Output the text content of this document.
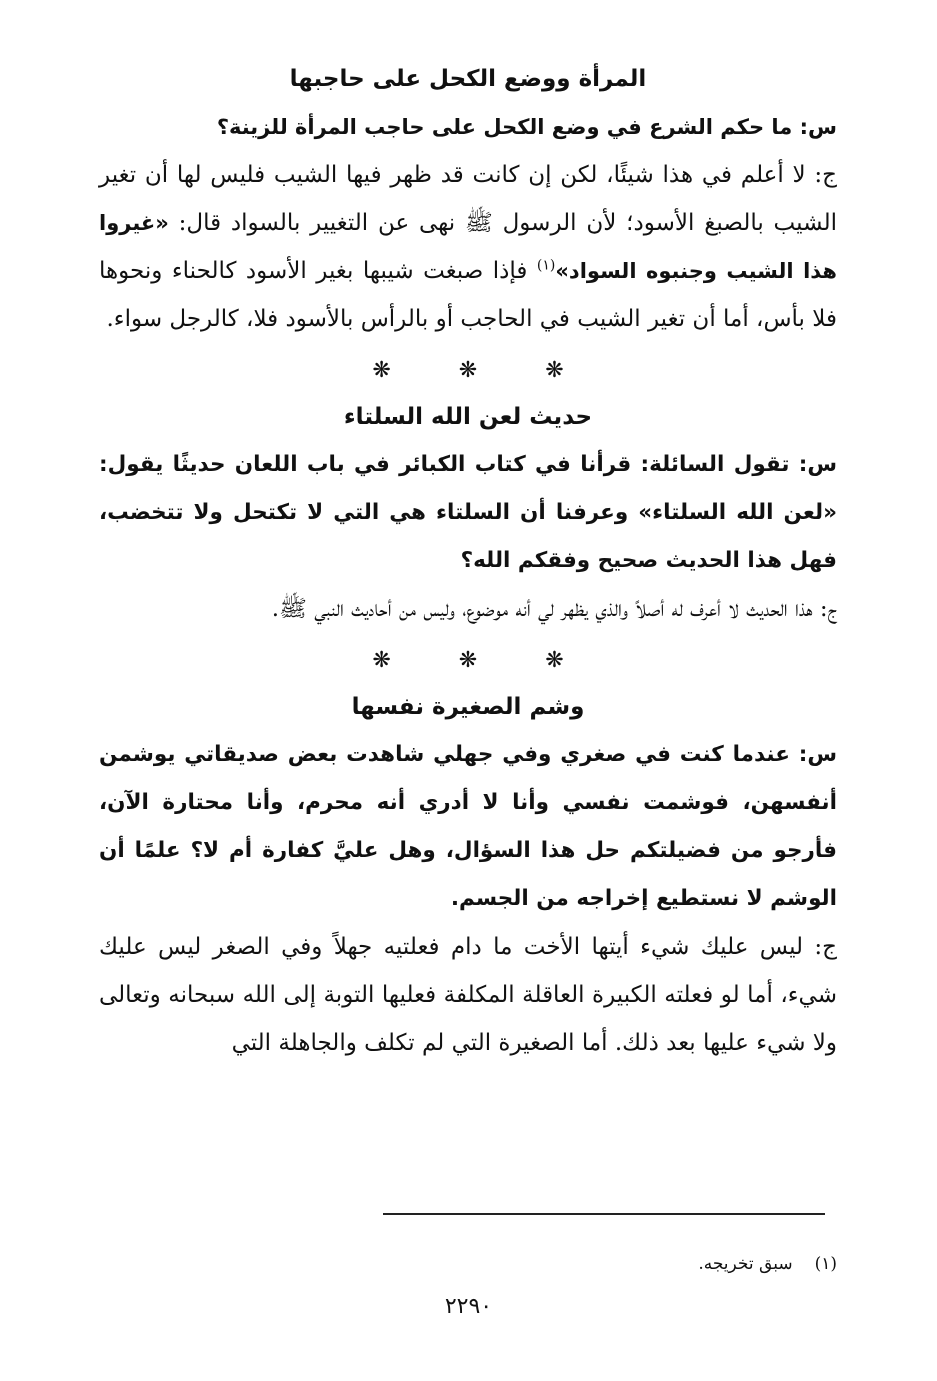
المرأة ووضع الكحل على حاجبها

س: ما حكم الشرع في وضع الكحل على حاجب المرأة للزينة؟

ج: لا أعلم في هذا شيئًا، لكن إن كانت قد ظهر فيها الشيب فليس لها أن تغير الشيب بالصبغ الأسود؛ لأن الرسول ﷺ نهى عن التغيير بالسواد قال: «غيروا هذا الشيب وجنبوه السواد»$^{(١)}$ فإذا صبغت شيبها بغير الأسود كالحناء ونحوها فلا بأس، أما أن تغير الشيب في الحاجب أو بالرأس بالأسود فلا، كالرجل سواء.

❋❋❋
حديث لعن الله السلتاء

س: تقول السائلة: قرأنا في كتاب الكبائر في باب اللعان حديثًا يقول: «لعن الله السلتاء» وعرفنا أن السلتاء هي التي لا تكتحل ولا تتخضب، فهل هذا الحديث صحيح وفقكم الله؟

ج: هذا الحديث لا أعرف له أصلاً والذي يظهر لي أنه موضوع، وليس من أحاديث النبي ﷺ.

❋❋❋
وشم الصغيرة نفسها

س: عندما كنت في صغري وفي جهلي شاهدت بعض صديقاتي يوشمن أنفسهن، فوشمت نفسي وأنا لا أدري أنه محرم، وأنا محتارة الآن، فأرجو من فضيلتكم حل هذا السؤال، وهل عليَّ كفارة أم لا؟ علمًا أن الوشم لا نستطيع إخراجه من الجسم.

ج: ليس عليك شيء أيتها الأخت ما دام فعلتيه جهلاً وفي الصغر ليس عليك شيء، أما لو فعلته الكبيرة العاقلة المكلفة فعليها التوبة إلى الله سبحانه وتعالى ولا شيء عليها بعد ذلك. أما الصغيرة التي لم تكلف والجاهلة التي

(١)سبق تخريجه.
٢٢٩٠
